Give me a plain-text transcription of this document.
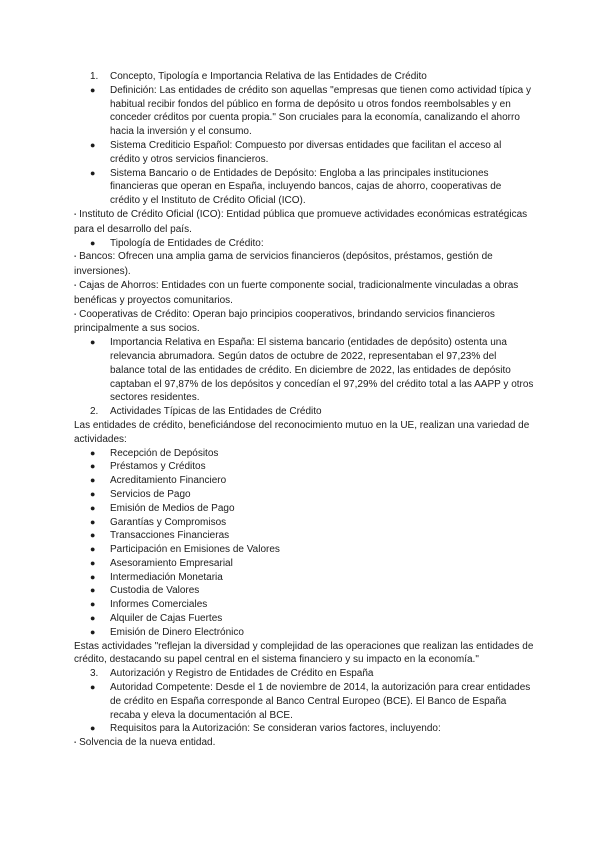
1. Concepto, Tipología e Importancia Relativa de las Entidades de Crédito
● Definición: Las entidades de crédito son aquellas "empresas que tienen como actividad típica y habitual recibir fondos del público en forma de depósito u otros fondos reembolsables y en conceder créditos por cuenta propia." Son cruciales para la economía, canalizando el ahorro hacia la inversión y el consumo.
● Sistema Crediticio Español: Compuesto por diversas entidades que facilitan el acceso al crédito y otros servicios financieros.
● Sistema Bancario o de Entidades de Depósito: Engloba a las principales instituciones financieras que operan en España, incluyendo bancos, cajas de ahorro, cooperativas de crédito y el Instituto de Crédito Oficial (ICO).
▪ Instituto de Crédito Oficial (ICO): Entidad pública que promueve actividades económicas estratégicas para el desarrollo del país.
● Tipología de Entidades de Crédito:
▪ Bancos: Ofrecen una amplia gama de servicios financieros (depósitos, préstamos, gestión de inversiones).
▪ Cajas de Ahorros: Entidades con un fuerte componente social, tradicionalmente vinculadas a obras benéficas y proyectos comunitarios.
▪ Cooperativas de Crédito: Operan bajo principios cooperativos, brindando servicios financieros principalmente a sus socios.
● Importancia Relativa en España: El sistema bancario (entidades de depósito) ostenta una relevancia abrumadora. Según datos de octubre de 2022, representaban el 97,23% del balance total de las entidades de crédito. En diciembre de 2022, las entidades de depósito captaban el 97,87% de los depósitos y concedían el 97,29% del crédito total a las AAPP y otros sectores residentes.
2. Actividades Típicas de las Entidades de Crédito
Las entidades de crédito, beneficiándose del reconocimiento mutuo en la UE, realizan una variedad de actividades:
● Recepción de Depósitos
● Préstamos y Créditos
● Acreditamiento Financiero
● Servicios de Pago
● Emisión de Medios de Pago
● Garantías y Compromisos
● Transacciones Financieras
● Participación en Emisiones de Valores
● Asesoramiento Empresarial
● Intermediación Monetaria
● Custodia de Valores
● Informes Comerciales
● Alquiler de Cajas Fuertes
● Emisión de Dinero Electrónico
Estas actividades "reflejan la diversidad y complejidad de las operaciones que realizan las entidades de crédito, destacando su papel central en el sistema financiero y su impacto en la economía."
3. Autorización y Registro de Entidades de Crédito en España
● Autoridad Competente: Desde el 1 de noviembre de 2014, la autorización para crear entidades de crédito en España corresponde al Banco Central Europeo (BCE). El Banco de España recaba y eleva la documentación al BCE.
● Requisitos para la Autorización: Se consideran varios factores, incluyendo:
▪ Solvencia de la nueva entidad.
